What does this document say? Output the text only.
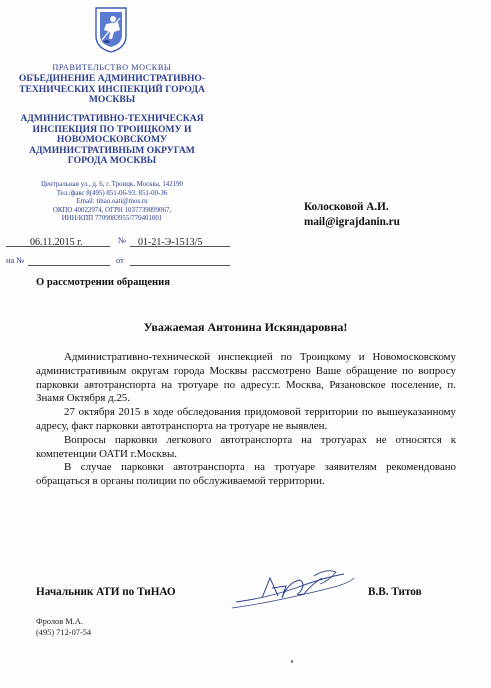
ПРАВИТЕЛЬСТВО МОСКВЫ
ОБЪЕДИНЕНИЕ АДМИНИСТРАТИВНО-
ТЕХНИЧЕСКИХ ИНСПЕКЦИЙ ГОРОДА
МОСКВЫ
АДМИНИСТРАТИВНО-ТЕХНИЧЕСКАЯ
ИНСПЕКЦИЯ ПО ТРОИЦКОМУ И
НОВОМОСКОВСКОМУ
АДМИНИСТРАТИВНЫМ ОКРУГАМ
ГОРОДА МОСКВЫ
Центральная ул., д. 6, г. Троицк, Москва, 142190
Тел./факс 8(495) 851-06-93, 851-00-36
Email: tinao.oati@mos.ru
ОКПО 40022974, ОГРН 1037739099067,
ИНН/КПП 7709083955/770401001
06.11.2015 г.	№ 01-21-Э-1513/5
на №	от
Колосковой А.И.
mail@igrajdanin.ru
О рассмотрении обращения
Уважаемая Антонина Искяндаровна!

Административно-технической инспекцией по Троицкому и Новомосковскому административным округам города Москвы рассмотрено Ваше обращение по вопросу парковки автотранспорта на тротуаре по адресу:г. Москва, Рязановское поселение, п. Знамя Октября д.25.

27 октября 2015 в ходе обследования придомовой территории по вышеуказанному адресу, факт парковки автотранспорта на тротуаре не выявлен.

Вопросы парковки легкового автотранспорта на тротуарах не относятся к компетенции ОАТИ г.Москвы.

В случае парковки автотранспорта на тротуаре заявителям рекомендовано обращаться в органы полиции по обслуживаемой территории.

Начальник АТИ по ТиНАО	В.В. Титов
Фролов М.А.
(495) 712-07-54
